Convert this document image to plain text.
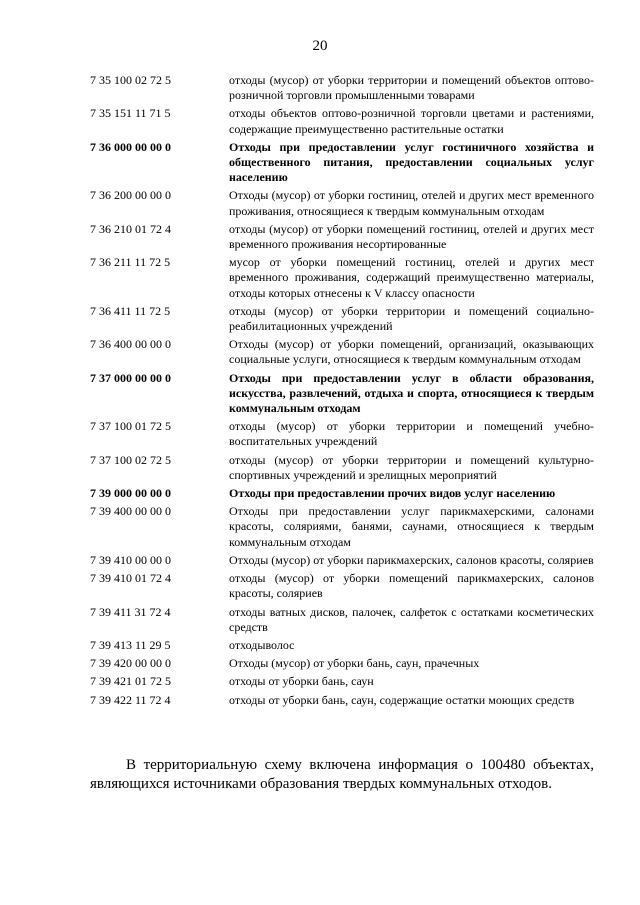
20
7 35 100 02 72 5	отходы (мусор) от уборки территории и помещений объектов оптово-розничной торговли промышленными товарами
7 35 151 11 71 5	отходы объектов оптово-розничной торговли цветами и растениями, содержащие преимущественно растительные остатки
7 36 000 00 00 0	Отходы при предоставлении услуг гостиничного хозяйства и общественного питания, предоставлении социальных услуг населению
7 36 200 00 00 0	Отходы (мусор) от уборки гостиниц, отелей и других мест временного проживания, относящиеся к твердым коммунальным отходам
7 36 210 01 72 4	отходы (мусор) от уборки помещений гостиниц, отелей и других мест временного проживания несортированные
7 36 211 11 72 5	мусор от уборки помещений гостиниц, отелей и других мест временного проживания, содержащий преимущественно материалы, отходы которых отнесены к V классу опасности
7 36 411 11 72 5	отходы (мусор) от уборки территории и помещений социально-реабилитационных учреждений
7 36 400 00 00 0	Отходы (мусор) от уборки помещений, организаций, оказывающих социальные услуги, относящиеся к твердым коммунальным отходам
7 37 000 00 00 0	Отходы при предоставлении услуг в области образования, искусства, развлечений, отдыха и спорта, относящиеся к твердым коммунальным отходам
7 37 100 01 72 5	отходы (мусор) от уборки территории и помещений учебно-воспитательных учреждений
7 37 100 02 72 5	отходы (мусор) от уборки территории и помещений культурно-спортивных учреждений и зрелищных мероприятий
7 39 000 00 00 0	Отходы при предоставлении прочих видов услуг населению
7 39 400 00 00 0	Отходы при предоставлении услуг парикмахерскими, салонами красоты, соляриями, банями, саунами, относящиеся к твердым коммунальным отходам
7 39 410 00 00 0	Отходы (мусор) от уборки парикмахерских, салонов красоты, соляриев
7 39 410 01 72 4	отходы (мусор) от уборки помещений парикмахерских, салонов красоты, соляриев
7 39 411 31 72 4	отходы ватных дисков, палочек, салфеток с остатками косметических средств
7 39 413 11 29 5	отходыволос
7 39 420 00 00 0	Отходы (мусор) от уборки бань, саун, прачечных
7 39 421 01 72 5	отходы от уборки бань, саун
7 39 422 11 72 4	отходы от уборки бань, саун, содержащие остатки моющих средств

В территориальную схему включена информация о 100480 объектах, являющихся источниками образования твердых коммунальных отходов.
